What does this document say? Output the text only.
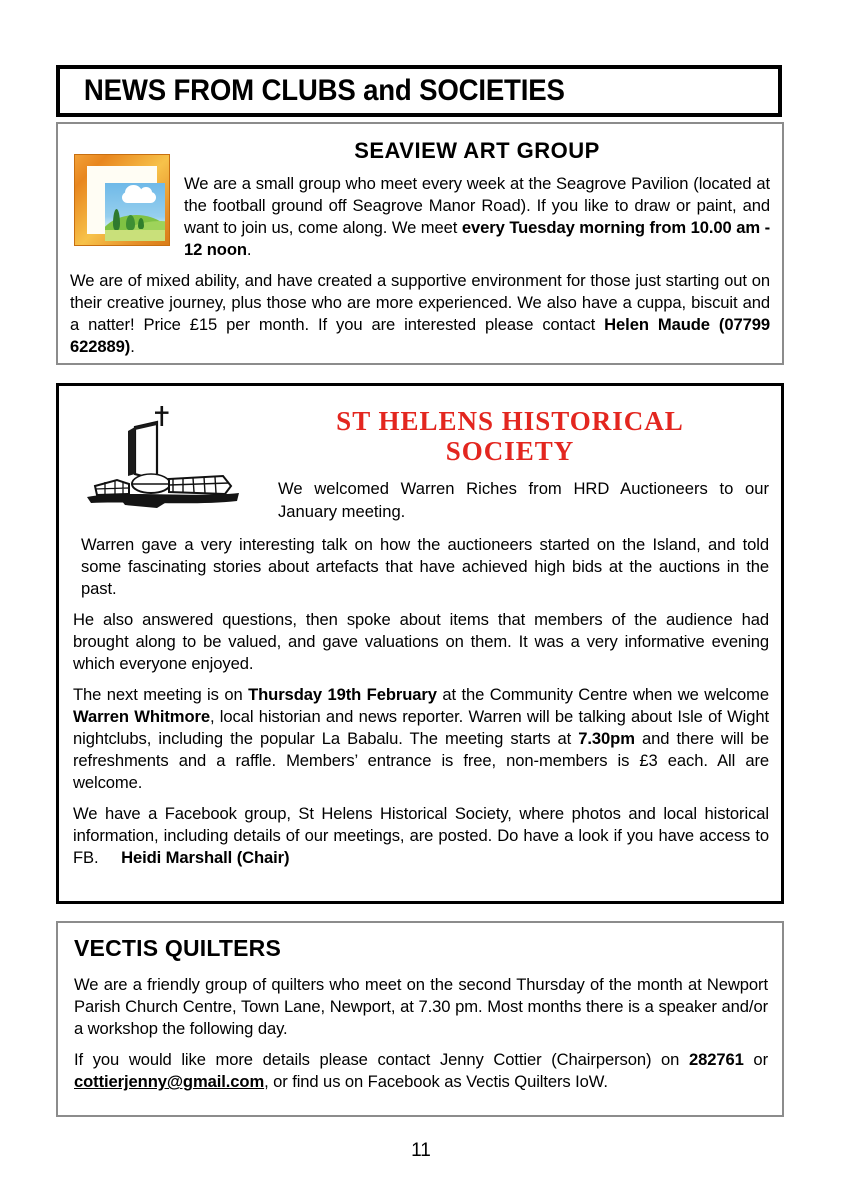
NEWS FROM CLUBS and SOCIETIES
SEAVIEW ART GROUP

We are a small group who meet every week at the Seagrove Pavilion (located at the football ground off Seagrove Manor Road). If you like to draw or paint, and want to join us, come along. We meet every Tuesday morning from 10.00 am - 12 noon.

We are of mixed ability, and have created a supportive environment for those just starting out on their creative journey, plus those who are more experienced. We also have a cuppa, biscuit and a natter! Price £15 per month. If you are interested please contact Helen Maude (07799 622889).

ST HELENS HISTORICAL
SOCIETY

We welcomed Warren Riches from HRD Auctioneers to our January meeting.

Warren gave a very interesting talk on how the auctioneers started on the Island, and told some fascinating stories about artefacts that have achieved high bids at the auctions in the past.

He also answered questions, then spoke about items that members of the audience had brought along to be valued, and gave valuations on them. It was a very informative evening which everyone enjoyed.

The next meeting is on Thursday 19th February at the Community Centre when we welcome Warren Whitmore, local historian and news reporter. Warren will be talking about Isle of Wight nightclubs, including the popular La Babalu. The meeting starts at 7.30pm and there will be refreshments and a raffle. Members’ entrance is free, non-members is £3 each. All are welcome.

We have a Facebook group, St Helens Historical Society, where photos and local historical information, including details of our meetings, are posted. Do have a look if you have access to FB. Heidi Marshall (Chair)

VECTIS QUILTERS

We are a friendly group of quilters who meet on the second Thursday of the month at Newport Parish Church Centre, Town Lane, Newport, at 7.30 pm. Most months there is a speaker and/or a workshop the following day.

If you would like more details please contact Jenny Cottier (Chairperson) on 282761 or cottierjenny@gmail.com, or find us on Facebook as Vectis Quilters IoW.

11
